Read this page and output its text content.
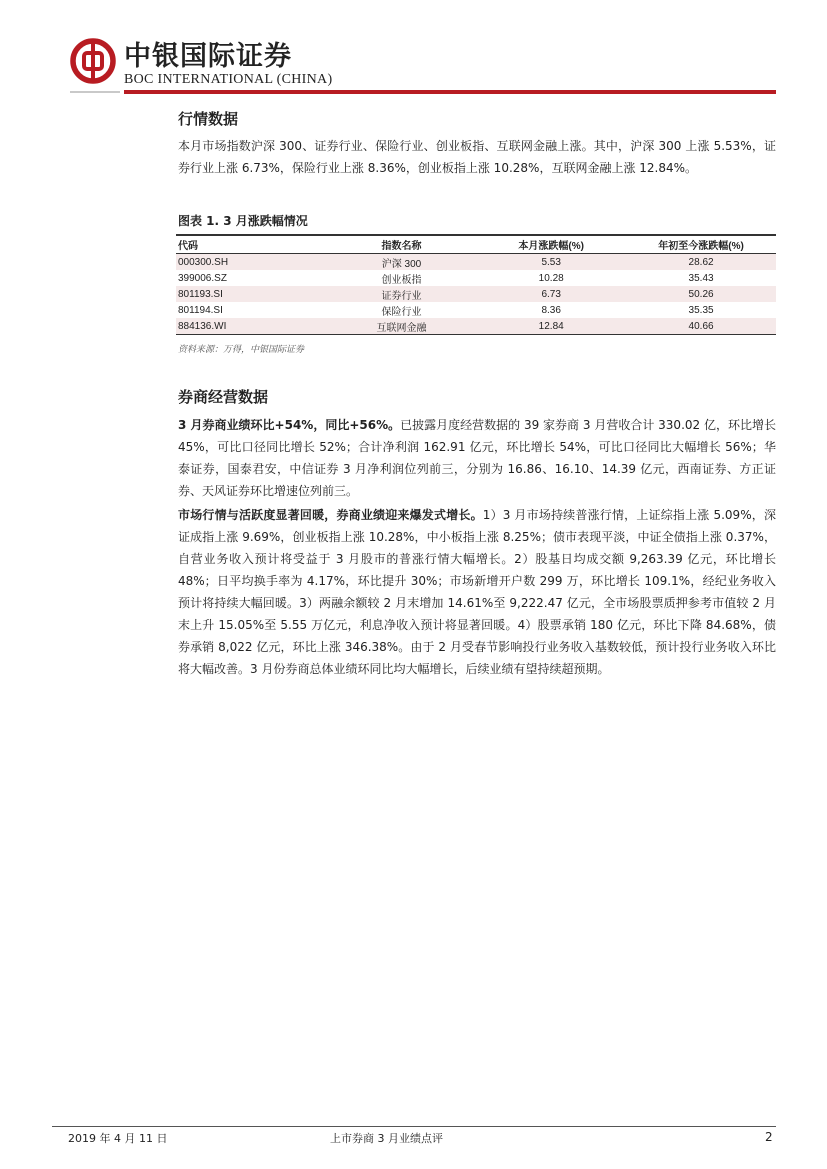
中银国际证券
BOC INTERNATIONAL (CHINA)
行情数据
本月市场指数沪深 300、证券行业、保险行业、创业板指、互联网金融上涨。其中，沪深 300 上涨 5.53%，证券行业上涨 6.73%，保险行业上涨 8.36%，创业板指上涨 10.28%，互联网金融上涨 12.84%。
图表 1. 3 月涨跌幅情况
代码	指数名称	本月涨跌幅(%)	年初至今涨跌幅(%)
000300.SH	沪深 300	5.53	28.62
399006.SZ	创业板指	10.28	35.43
801193.SI	证券行业	6.73	50.26
801194.SI	保险行业	8.36	35.35
884136.WI	互联网金融	12.84	40.66
资料来源：万得，中银国际证券
券商经营数据
3 月券商业绩环比+54%，同比+56%。已披露月度经营数据的 39 家券商 3 月营收合计 330.02 亿，环比增长 45%，可比口径同比增长 52%；合计净利润 162.91 亿元，环比增长 54%，可比口径同比大幅增长 56%；华泰证券，国泰君安，中信证券 3 月净利润位列前三，分别为 16.86、16.10、14.39 亿元，西南证券、方正证券、天风证券环比增速位列前三。
市场行情与活跃度显著回暖，券商业绩迎来爆发式增长。1）3 月市场持续普涨行情，上证综指上涨 5.09%，深证成指上涨 9.69%，创业板指上涨 10.28%，中小板指上涨 8.25%；债市表现平淡，中证全债指上涨 0.37%，自营业务收入预计将受益于 3 月股市的普涨行情大幅增长。2）股基日均成交额 9,263.39 亿元，环比增长 48%；日平均换手率为 4.17%，环比提升 30%；市场新增开户数 299 万，环比增长 109.1%，经纪业务收入预计将持续大幅回暖。3）两融余额较 2 月末增加 14.61%至 9,222.47 亿元，全市场股票质押参考市值较 2 月末上升 15.05%至 5.55 万亿元，利息净收入预计将显著回暖。4）股票承销 180 亿元，环比下降 84.68%，债券承销 8,022 亿元，环比上涨 346.38%。由于 2 月受春节影响投行业务收入基数较低，预计投行业务收入环比将大幅改善。3 月份券商总体业绩环同比均大幅增长，后续业绩有望持续超预期。
2019 年 4 月 11 日	上市券商 3 月业绩点评	2
